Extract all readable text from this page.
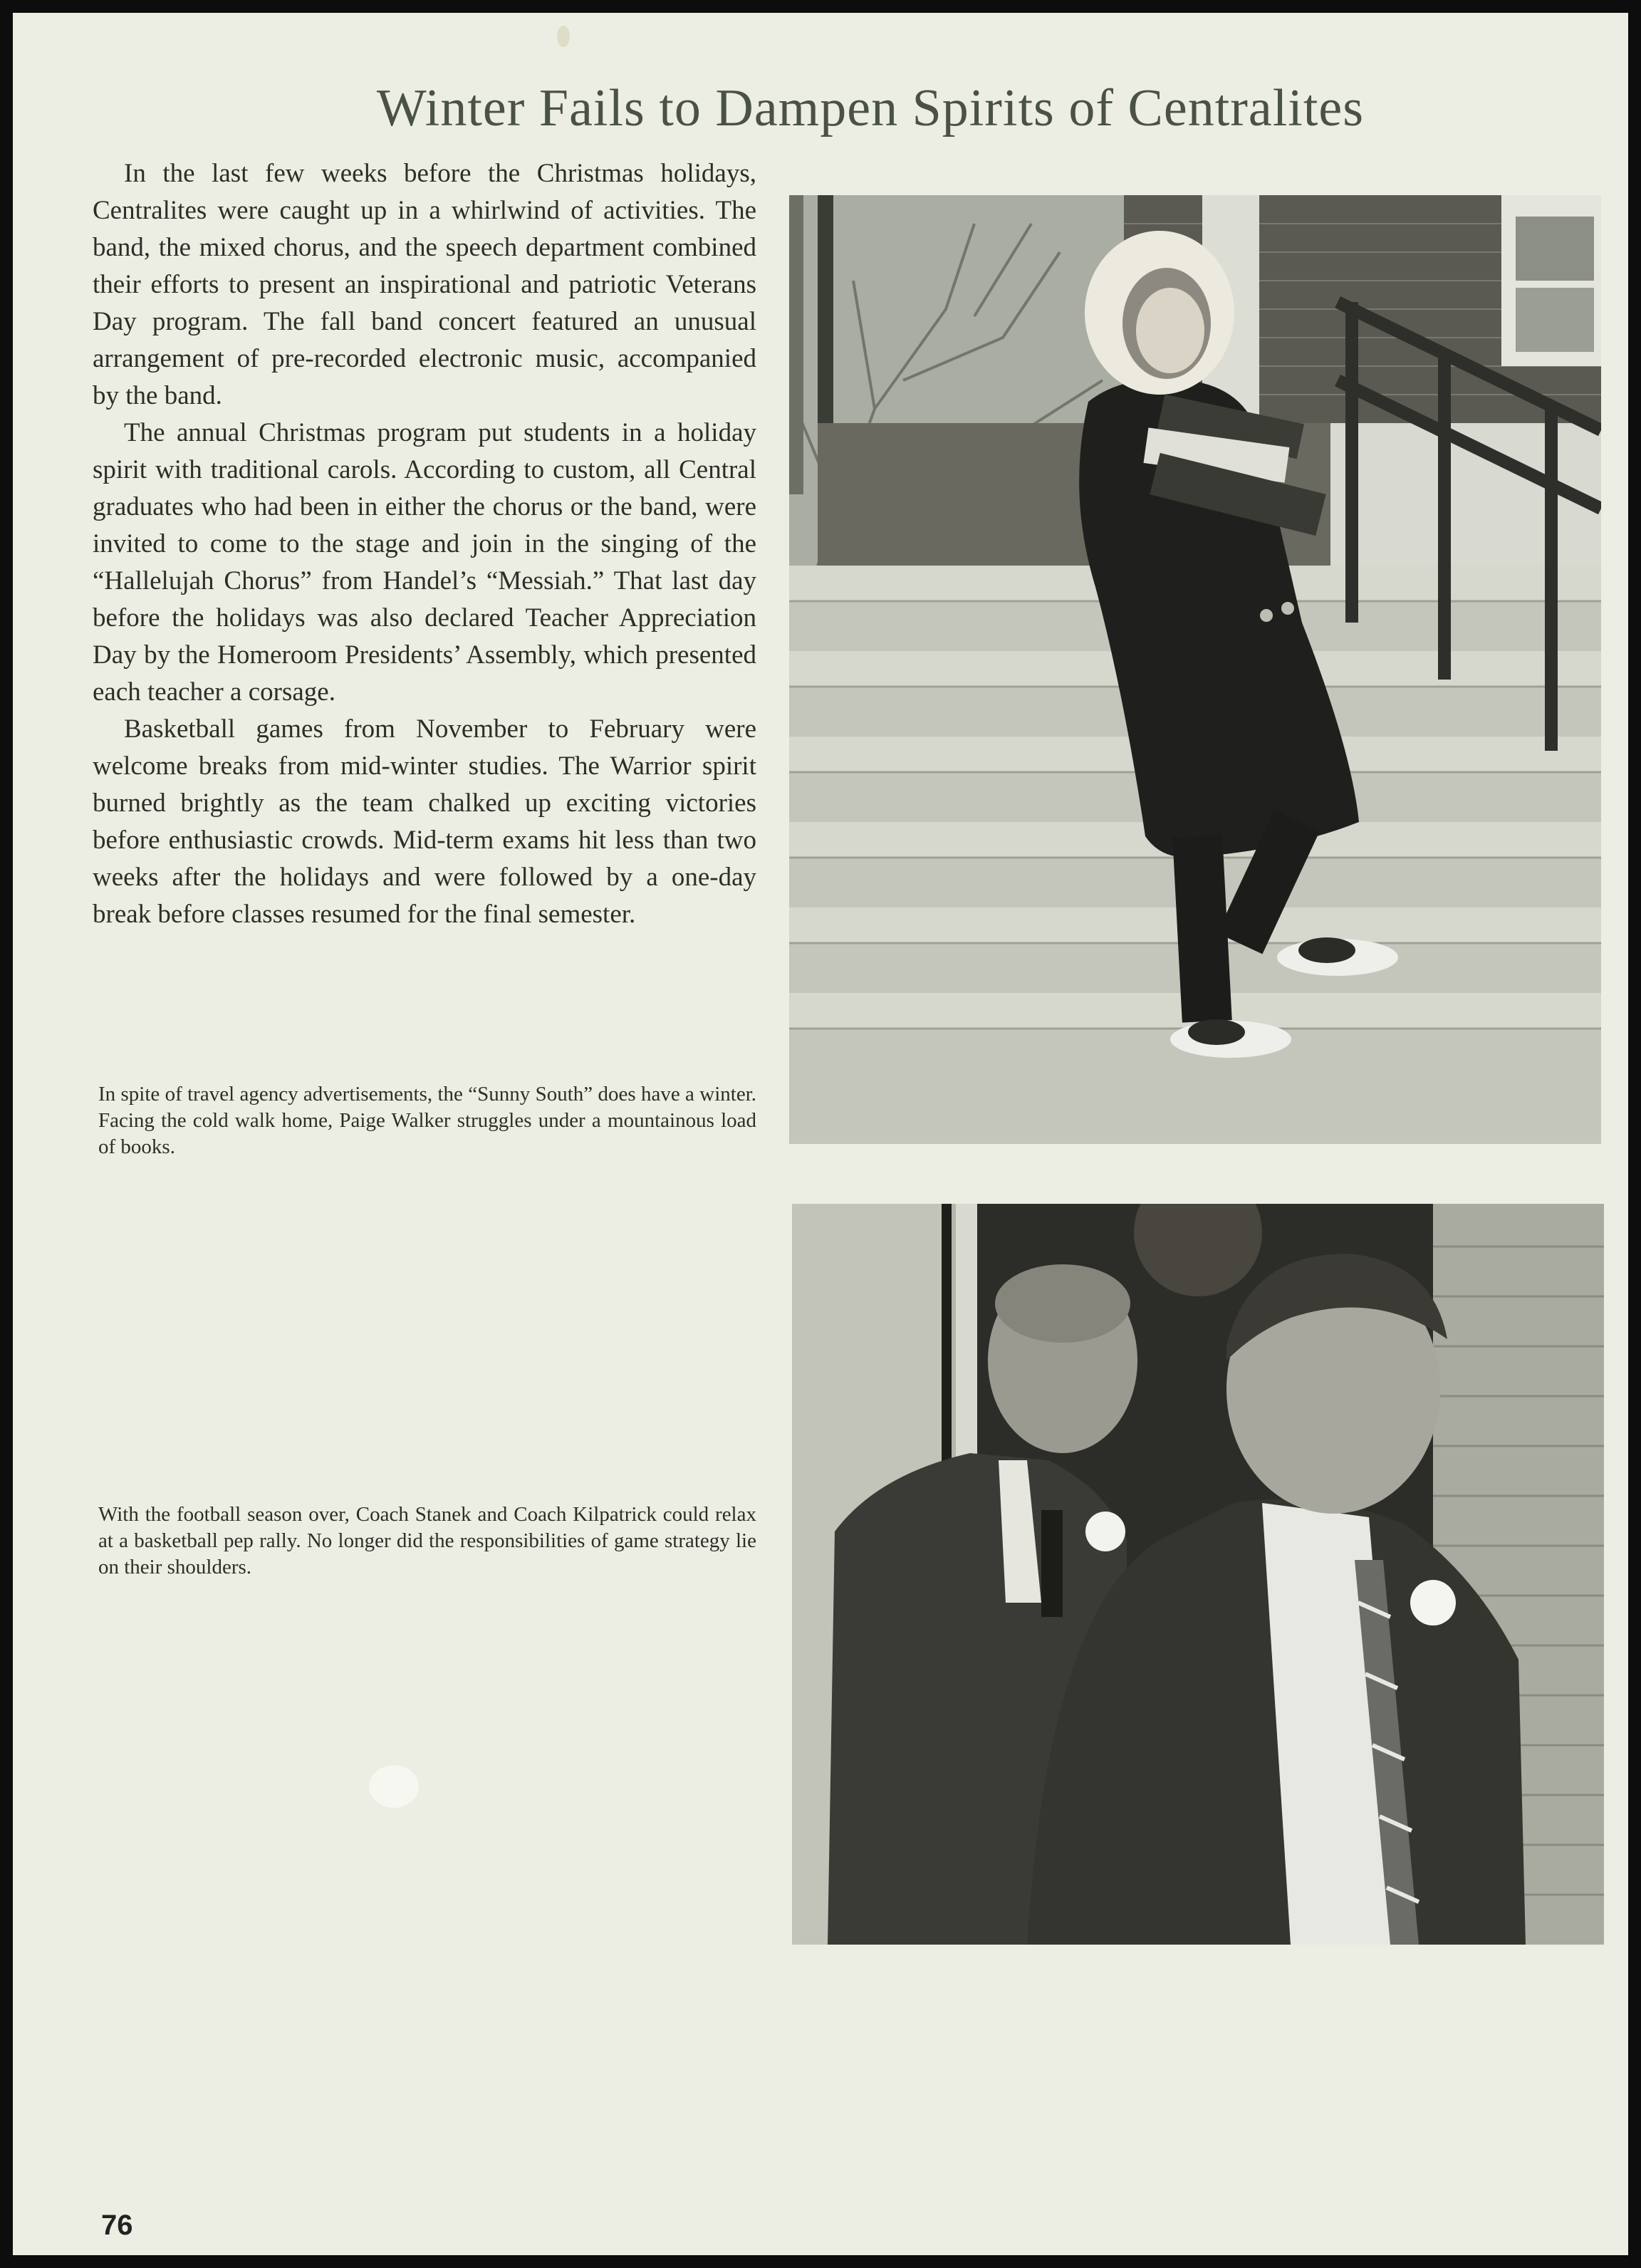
Winter Fails to Dampen Spirits of Centralites

In the last few weeks before the Christmas holidays, Centralites were caught up in a whirlwind of activities. The band, the mixed chorus, and the speech department combined their efforts to present an inspirational and patriotic Veterans Day program. The fall band concert featured an unusual arrangement of pre-recorded electronic music, accompanied by the band.

The annual Christmas program put students in a holiday spirit with traditional carols. According to custom, all Central graduates who had been in either the chorus or the band, were invited to come to the stage and join in the singing of the “Hallelujah Chorus” from Handel’s “Messiah.” That last day before the holidays was also declared Teacher Appreciation Day by the Homeroom Presidents’ Assembly, which presented each teacher a corsage.

Basketball games from November to February were welcome breaks from mid-winter studies. The Warrior spirit burned brightly as the team chalked up exciting victories before enthusiastic crowds. Mid-term exams hit less than two weeks after the holidays and were followed by a one-day break before classes resumed for the final semester.

In spite of travel agency advertisements, the “Sunny South” does have a winter. Facing the cold walk home, Paige Walker struggles under a mountainous load of books.

With the football season over, Coach Stanek and Coach Kilpatrick could relax at a basketball pep rally. No longer did the responsibilities of game strategy lie on their shoulders.

76
